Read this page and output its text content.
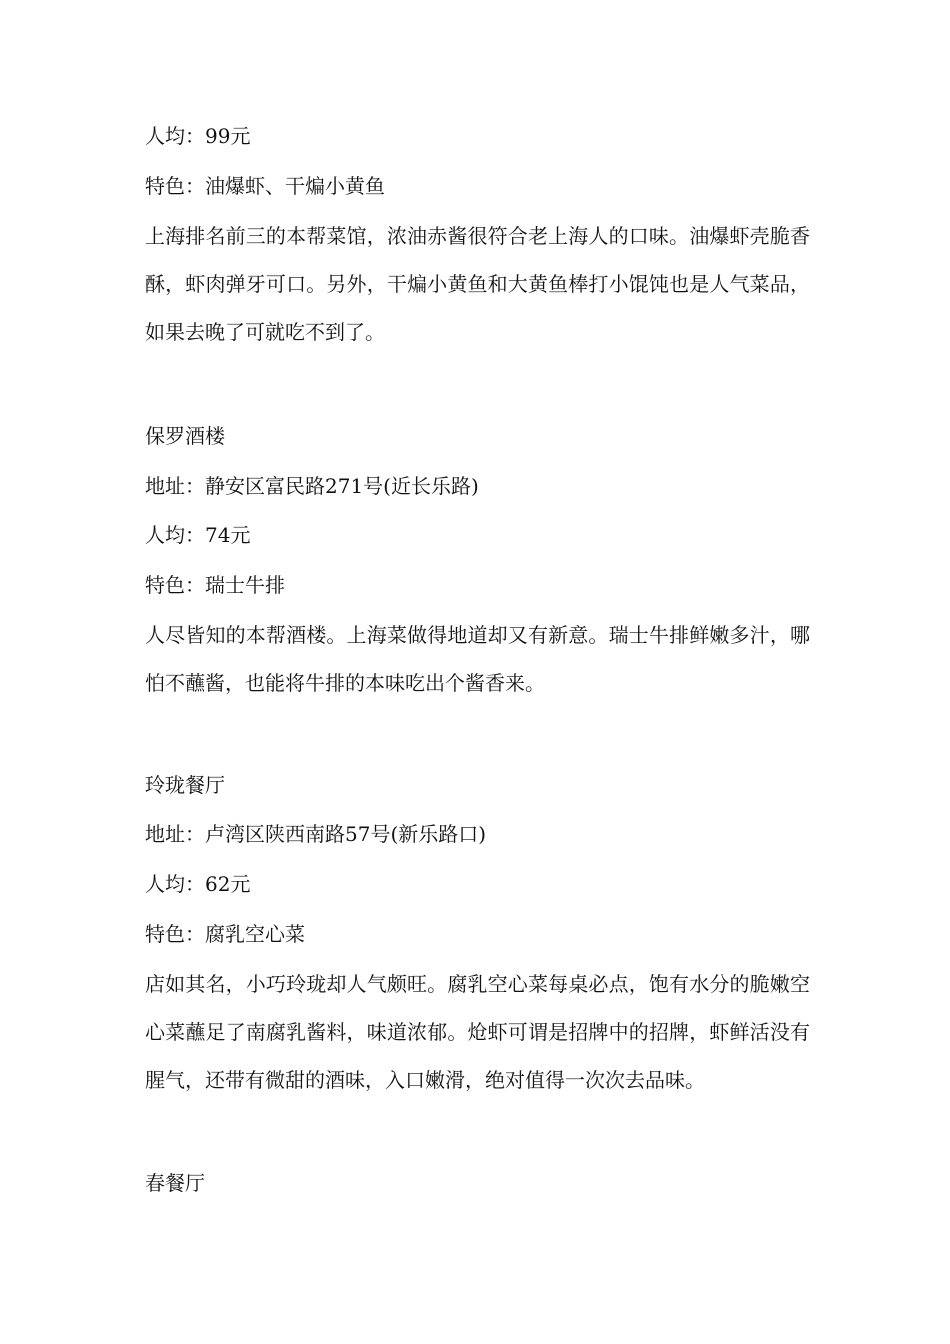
人均：99元
特色：油爆虾、干煸小黄鱼

上海排名前三的本帮菜馆，浓油赤酱很符合老上海人的口味。油爆虾壳脆香酥，虾肉弹牙可口。另外，干煸小黄鱼和大黄鱼棒打小馄饨也是人气菜品，如果去晚了可就吃不到了。

保罗酒楼
地址：静安区富民路271号(近长乐路)
人均：74元
特色：瑞士牛排

人尽皆知的本帮酒楼。上海菜做得地道却又有新意。瑞士牛排鲜嫩多汁，哪怕不蘸酱，也能将牛排的本味吃出个酱香来。

玲珑餐厅
地址：卢湾区陕西南路57号(新乐路口)
人均：62元
特色：腐乳空心菜

店如其名，小巧玲珑却人气颇旺。腐乳空心菜每桌必点，饱有水分的脆嫩空心菜蘸足了南腐乳酱料，味道浓郁。炝虾可谓是招牌中的招牌，虾鲜活没有腥气，还带有微甜的酒味，入口嫩滑，绝对值得一次次去品味。

春餐厅
